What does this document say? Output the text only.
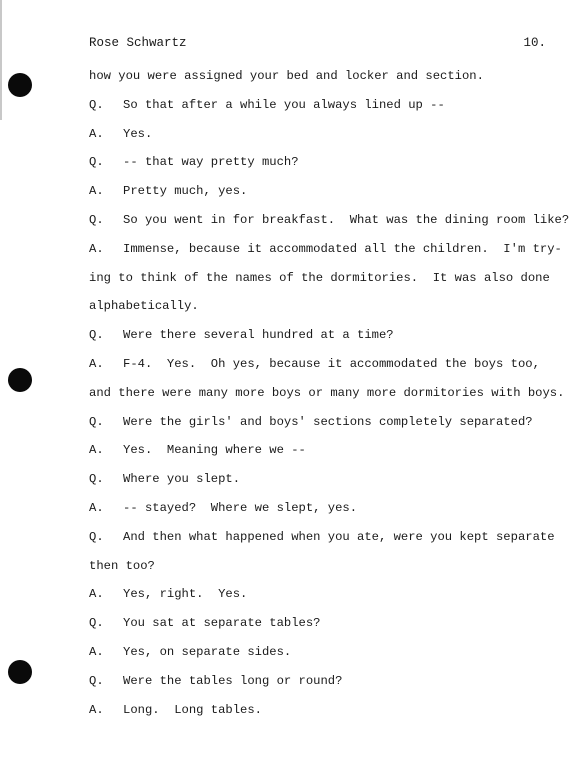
Rose Schwartz	10.
how you were assigned your bed and locker and section.
Q. So that after a while you always lined up --
A. Yes.
Q. -- that way pretty much?
A. Pretty much, yes.
Q. So you went in for breakfast.  What was the dining room like?
A. Immense, because it accommodated all the children.  I'm try-
ing to think of the names of the dormitories.  It was also done
alphabetically.
Q. Were there several hundred at a time?
A. F-4.  Yes.  Oh yes, because it accommodated the boys too,
and there were many more boys or many more dormitories with boys.
Q. Were the girls' and boys' sections completely separated?
A. Yes.  Meaning where we --
Q. Where you slept.
A. -- stayed?  Where we slept, yes.
Q. And then what happened when you ate, were you kept separate
then too?
A. Yes, right.  Yes.
Q. You sat at separate tables?
A. Yes, on separate sides.
Q. Were the tables long or round?
A. Long.  Long tables.
